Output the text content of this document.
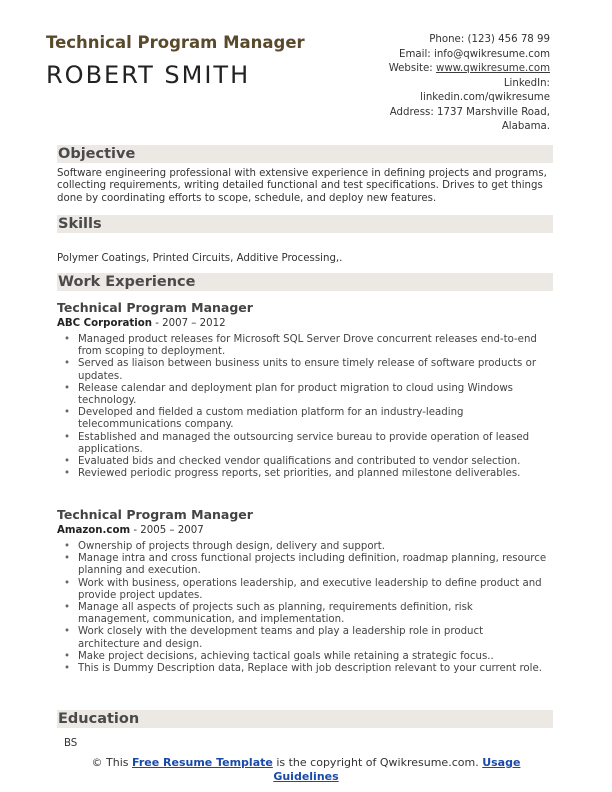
Technical Program Manager
ROBERT SMITH
Phone: (123) 456 78 99
Email: info@qwikresume.com
Website: www.qwikresume.com
LinkedIn:
linkedin.com/qwikresume
Address: 1737 Marshville Road,
Alabama.
Objective
Software engineering professional with extensive experience in defining projects and programs,
collecting requirements, writing detailed functional and test specifications. Drives to get things
done by coordinating efforts to scope, schedule, and deploy new features.
Skills
Polymer Coatings, Printed Circuits, Additive Processing,.
Work Experience
Technical Program Manager
ABC Corporation - 2007 – 2012
• Managed product releases for Microsoft SQL Server Drove concurrent releases end-to-end from scoping to deployment.
• Served as liaison between business units to ensure timely release of software products or updates.
• Release calendar and deployment plan for product migration to cloud using Windows technology.
• Developed and fielded a custom mediation platform for an industry-leading telecommunications company.
• Established and managed the outsourcing service bureau to provide operation of leased applications.
• Evaluated bids and checked vendor qualifications and contributed to vendor selection.
• Reviewed periodic progress reports, set priorities, and planned milestone deliverables.
Technical Program Manager
Amazon.com - 2005 – 2007
• Ownership of projects through design, delivery and support.
• Manage intra and cross functional projects including definition, roadmap planning, resource planning and execution.
• Work with business, operations leadership, and executive leadership to define product and provide project updates.
• Manage all aspects of projects such as planning, requirements definition, risk management, communication, and implementation.
• Work closely with the development teams and play a leadership role in product architecture and design.
• Make project decisions, achieving tactical goals while retaining a strategic focus..
• This is Dummy Description data, Replace with job description relevant to your current role.
Education
BS
© This Free Resume Template is the copyright of Qwikresume.com. Usage
Guidelines
